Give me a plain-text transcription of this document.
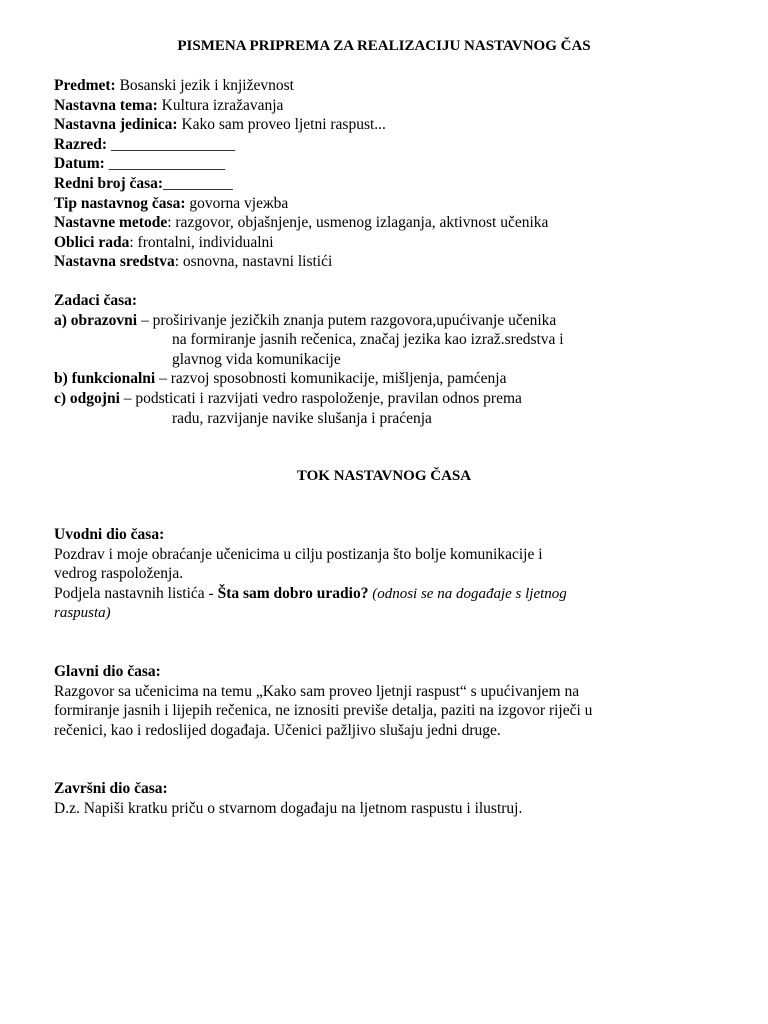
PISMENA PRIPREMA ZA REALIZACIJU NASTAVNOG ČAS
Predmet: Bosanski jezik i književnost
Nastavna tema: Kultura izražavanja
Nastavna jedinica: Kako sam proveo ljetni raspust...
Razred: ________________
Datum: _______________
Redni broj časa:_________
Tip nastavnog časa: govorna vjежba
Nastavne metode: razgovor, objašnjenje, usmenog izlaganja, aktivnost učenika
Oblici rada: frontalni, individualni
Nastavna sredstva: osnovna, nastavni listići
Zadaci časa:
a) obrazovni – proširivanje jezičkih znanja putem razgovora,upućivanje učenika
na formiranje jasnih rečenica, značaj jezika kao izraž.sredstva i
glavnog vida komunikacije
b) funkcionalni – razvoj sposobnosti komunikacije, mišljenja, pamćenja
c) odgojni – podsticati i razvijati vedro raspoloženje, pravilan odnos prema
radu, razvijanje navike slušanja i praćenja
TOK NASTAVNOG ČASA
Uvodni dio časa:
Pozdrav i moje obraćanje učenicima u cilju postizanja što bolje komunikacije i
vedrog raspoloženja.
Podjela nastavnih listića - Šta sam dobro uradio? (odnosi se na događaje s ljetnog
raspusta)
Glavni dio časa:
Razgovor sa učenicima na temu „Kako sam proveo ljetnji raspust“ s upućivanjem na
formiranje jasnih i lijepih rečenica, ne iznositi previše detalja, paziti na izgovor riječi u
rečenici, kao i redoslijed događaja. Učenici pažljivo slušaju jedni druge.
Završni dio časa:
D.z. Napiši kratku priču o stvarnom događaju na ljetnom raspustu i ilustruj.
